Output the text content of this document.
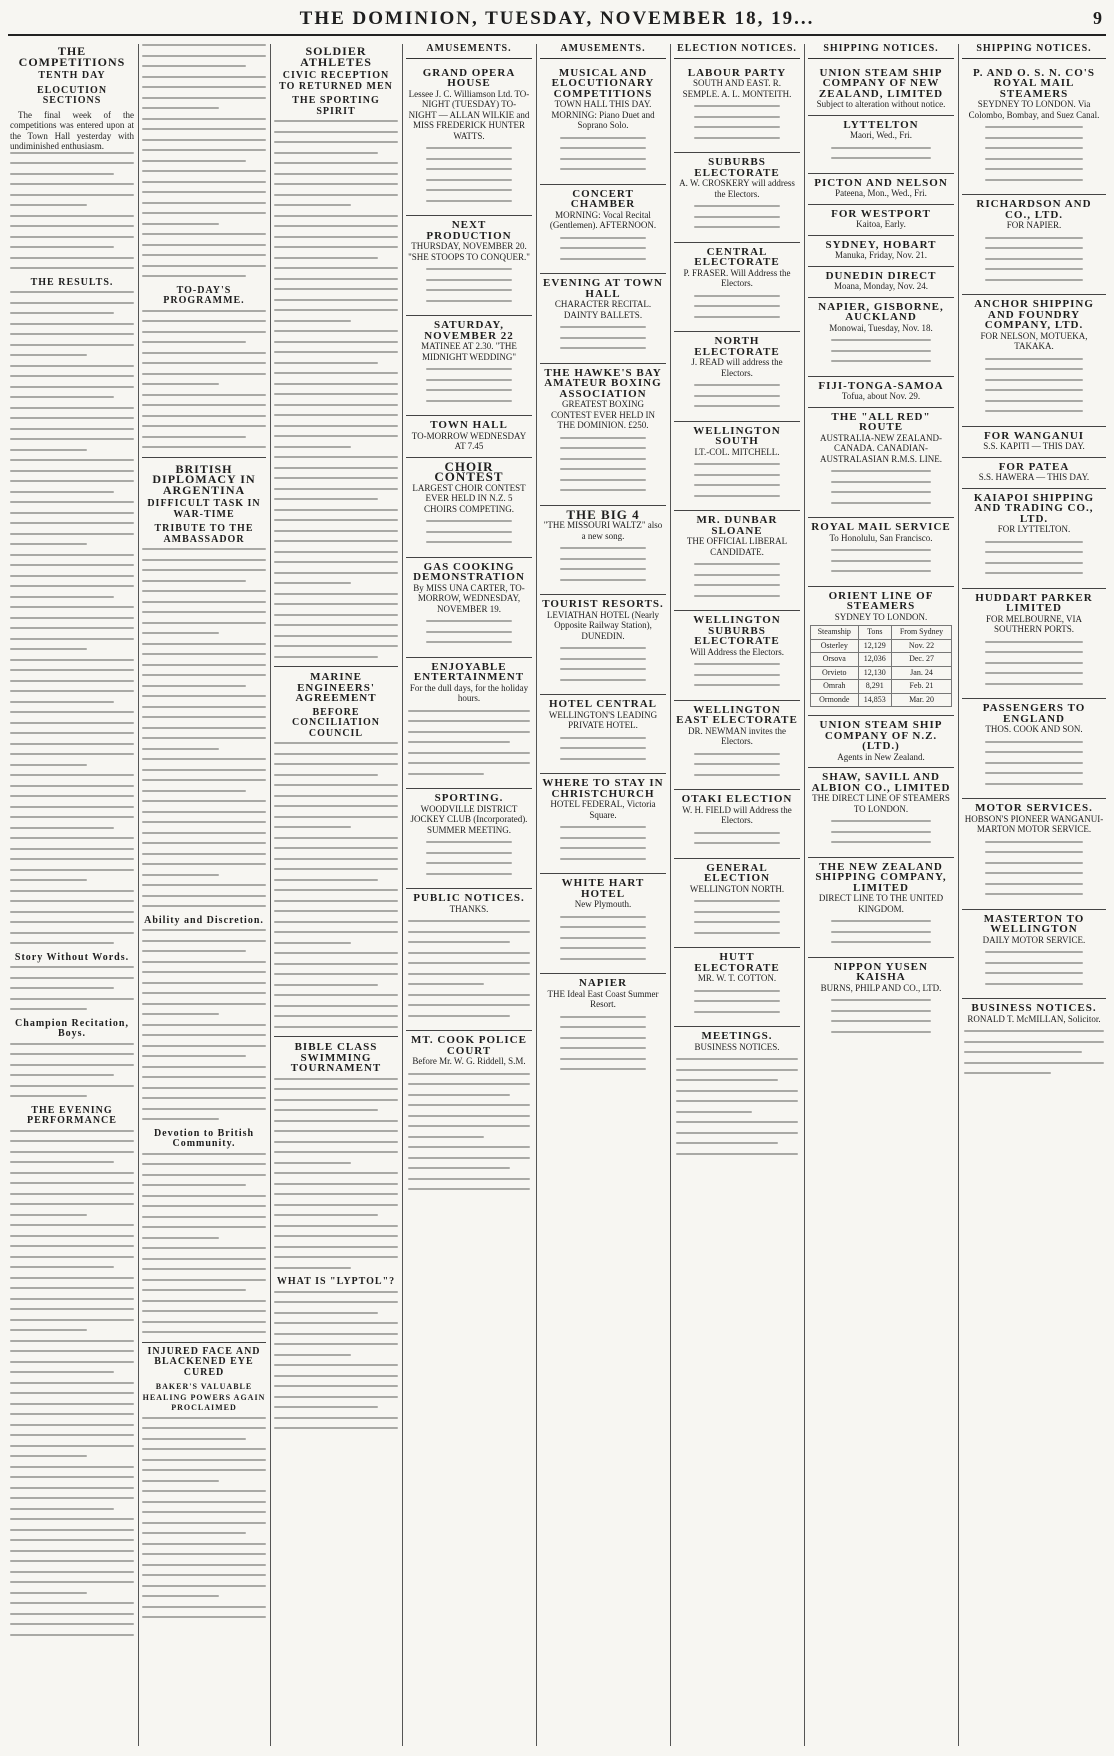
THE DOMINION, TUESDAY, NOVEMBER 18, 19...	9
THE COMPETITIONS
TENTH DAY
ELOCUTION SECTIONS

The final week of the competitions was entered upon at the Town Hall yesterday with undiminished enthusiasm.

THE RESULTS.
Story Without Words.
Champion Recitation, Boys.
THE EVENING PERFORMANCE
TO-DAY'S PROGRAMME.
BRITISH DIPLOMACY IN ARGENTINA
DIFFICULT TASK IN WAR-TIME
TRIBUTE TO THE AMBASSADOR
Ability and Discretion.
Devotion to British Community.
INJURED FACE AND BLACKENED EYE CURED
BAKER'S VALUABLE HEALING POWERS AGAIN PROCLAIMED
SOLDIER ATHLETES
CIVIC RECEPTION TO RETURNED MEN
THE SPORTING SPIRIT
MARINE ENGINEERS' AGREEMENT
BEFORE CONCILIATION COUNCIL
BIBLE CLASS SWIMMING TOURNAMENT
WHAT IS "LYPTOL"?
AMUSEMENTS.
GRAND OPERA HOUSE
Lessee J. C. Williamson Ltd. TO-NIGHT (TUESDAY) TO-NIGHT — ALLAN WILKIE and MISS FREDERICK HUNTER WATTS.
NEXT PRODUCTION
THURSDAY, NOVEMBER 20. "SHE STOOPS TO CONQUER."
SATURDAY, NOVEMBER 22
MATINEE AT 2.30. "THE MIDNIGHT WEDDING"
TOWN HALL
TO-MORROW WEDNESDAY AT 7.45
CHOIR CONTEST
LARGEST CHOIR CONTEST EVER HELD IN N.Z. 5 CHOIRS COMPETING.
GAS COOKING DEMONSTRATION
By MISS UNA CARTER, TO-MORROW, WEDNESDAY, NOVEMBER 19.
ENJOYABLE ENTERTAINMENT
For the dull days, for the holiday hours.
SPORTING.
WOODVILLE DISTRICT JOCKEY CLUB (Incorporated). SUMMER MEETING.
PUBLIC NOTICES.
THANKS.
MT. COOK POLICE COURT
Before Mr. W. G. Riddell, S.M.
AMUSEMENTS.
MUSICAL AND ELOCUTIONARY COMPETITIONS
TOWN HALL THIS DAY. MORNING: Piano Duet and Soprano Solo.
CONCERT CHAMBER
MORNING: Vocal Recital (Gentlemen). AFTERNOON.
EVENING AT TOWN HALL
CHARACTER RECITAL. DAINTY BALLETS.
THE HAWKE'S BAY AMATEUR BOXING ASSOCIATION
GREATEST BOXING CONTEST EVER HELD IN THE DOMINION. £250.
THE BIG 4
"THE MISSOURI WALTZ" also a new song.
TOURIST RESORTS.
LEVIATHAN HOTEL (Nearly Opposite Railway Station), DUNEDIN.
HOTEL CENTRAL
WELLINGTON'S LEADING PRIVATE HOTEL.
WHERE TO STAY IN CHRISTCHURCH
HOTEL FEDERAL, Victoria Square.
WHITE HART HOTEL
New Plymouth.
NAPIER
THE Ideal East Coast Summer Resort.
ELECTION NOTICES.
LABOUR PARTY
SOUTH AND EAST. R. SEMPLE. A. L. MONTEITH.
SUBURBS ELECTORATE
A. W. CROSKERY will address the Electors.
CENTRAL ELECTORATE
P. FRASER. Will Address the Electors.
NORTH ELECTORATE
J. READ will address the Electors.
WELLINGTON SOUTH
LT.-COL. MITCHELL.
MR. DUNBAR SLOANE
THE OFFICIAL LIBERAL CANDIDATE.
WELLINGTON SUBURBS ELECTORATE
Will Address the Electors.
WELLINGTON EAST ELECTORATE
DR. NEWMAN invites the Electors.
OTAKI ELECTION
W. H. FIELD will Address the Electors.
GENERAL ELECTION
WELLINGTON NORTH.
HUTT ELECTORATE
MR. W. T. COTTON.
MEETINGS.
BUSINESS NOTICES.
SHIPPING NOTICES.
UNION STEAM SHIP COMPANY OF NEW ZEALAND, LIMITED
Subject to alteration without notice.
LYTTELTON
Maori, Wed., Fri.
PICTON AND NELSON
Pateena, Mon., Wed., Fri.
FOR WESTPORT
Kaitoa, Early.
SYDNEY, HOBART
Manuka, Friday, Nov. 21.
DUNEDIN DIRECT
Moana, Monday, Nov. 24.
NAPIER, GISBORNE, AUCKLAND
Monowai, Tuesday, Nov. 18.
FIJI-TONGA-SAMOA
Tofua, about Nov. 29.
THE "ALL RED" ROUTE
AUSTRALIA-NEW ZEALAND-CANADA. CANADIAN-AUSTRALASIAN R.M.S. LINE.
ROYAL MAIL SERVICE
To Honolulu, San Francisco.
ORIENT LINE OF STEAMERS
SYDNEY TO LONDON.
Steamship	Tons	From Sydney
Osterley	12,129	Nov. 22
Orsova	12,036	Dec. 27
Orvieto	12,130	Jan. 24
Omrah	8,291	Feb. 21
Ormonde	14,853	Mar. 20
UNION STEAM SHIP COMPANY OF N.Z. (LTD.)
Agents in New Zealand.
SHAW, SAVILL AND ALBION CO., LIMITED
THE DIRECT LINE OF STEAMERS TO LONDON.
THE NEW ZEALAND SHIPPING COMPANY, LIMITED
DIRECT LINE TO THE UNITED KINGDOM.
NIPPON YUSEN KAISHA
BURNS, PHILP AND CO., LTD.
SHIPPING NOTICES.
P. AND O. S. N. CO'S ROYAL MAIL STEAMERS
SEYDNEY TO LONDON. Via Colombo, Bombay, and Suez Canal.
RICHARDSON AND CO., LTD.
FOR NAPIER.
ANCHOR SHIPPING AND FOUNDRY COMPANY, LTD.
FOR NELSON, MOTUEKA, TAKAKA.
FOR WANGANUI
S.S. KAPITI — THIS DAY.
FOR PATEA
S.S. HAWERA — THIS DAY.
KAIAPOI SHIPPING AND TRADING CO., LTD.
FOR LYTTELTON.
HUDDART PARKER LIMITED
FOR MELBOURNE, VIA SOUTHERN PORTS.
PASSENGERS TO ENGLAND
THOS. COOK AND SON.
MOTOR SERVICES.
HOBSON'S PIONEER WANGANUI-MARTON MOTOR SERVICE.
MASTERTON TO WELLINGTON
DAILY MOTOR SERVICE.
BUSINESS NOTICES.
RONALD T. McMILLAN, Solicitor.
